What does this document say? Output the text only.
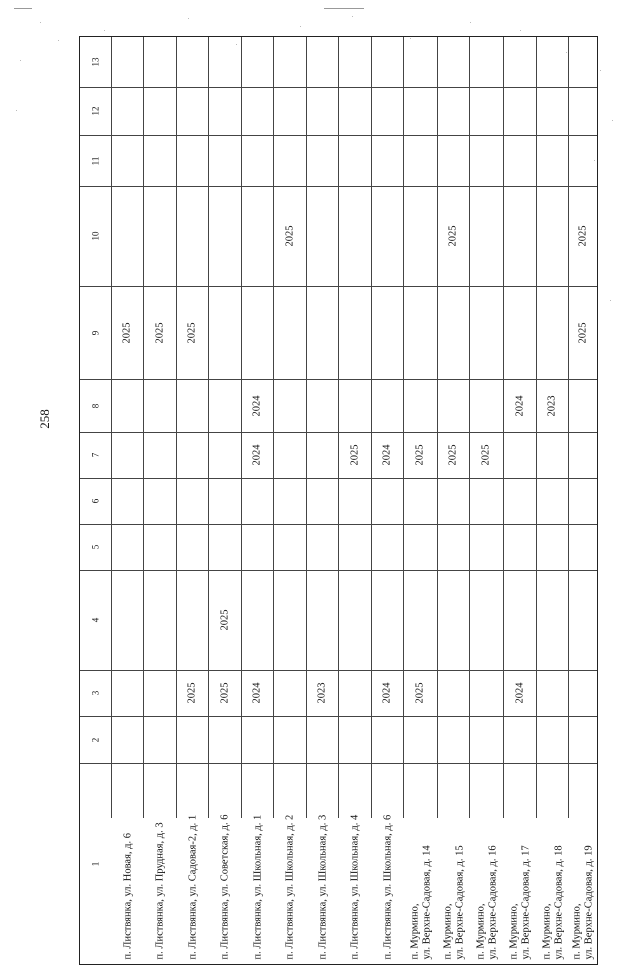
258
13
12
11
10
9
8
7
6
5
4
3
2
1
2025
п. Листвянка, ул. Новая, д. 6
2025
п. Листвянка, ул. Прудная, д. 3
2025
2025
п. Листвянка, ул. Садовая-2, д. 1
2025
2025
п. Листвянка, ул. Советская, д. 6
2024
2024
2024
п. Листвянка, ул. Школьная, д. 1
2025
п. Листвянка, ул. Школьная, д. 2
2023
п. Листвянка, ул. Школьная, д. 3
2025
п. Листвянка, ул. Школьная, д. 4
2024
2024
п. Листвянка, ул. Школьная, д. 6
2025
2025
п. Мурмино, ул. Верхне-Садовая, д. 14
2025
2025
п. Мурмино, ул. Верхне-Садовая, д. 15
2025
п. Мурмино, ул. Верхне-Садовая, д. 16
2024
2024
п. Мурмино, ул. Верхне-Садовая, д. 17
2023
п. Мурмино, ул. Верхне-Садовая, д. 18
2025
2025
п. Мурмино, ул. Верхне-Садовая, д. 19
